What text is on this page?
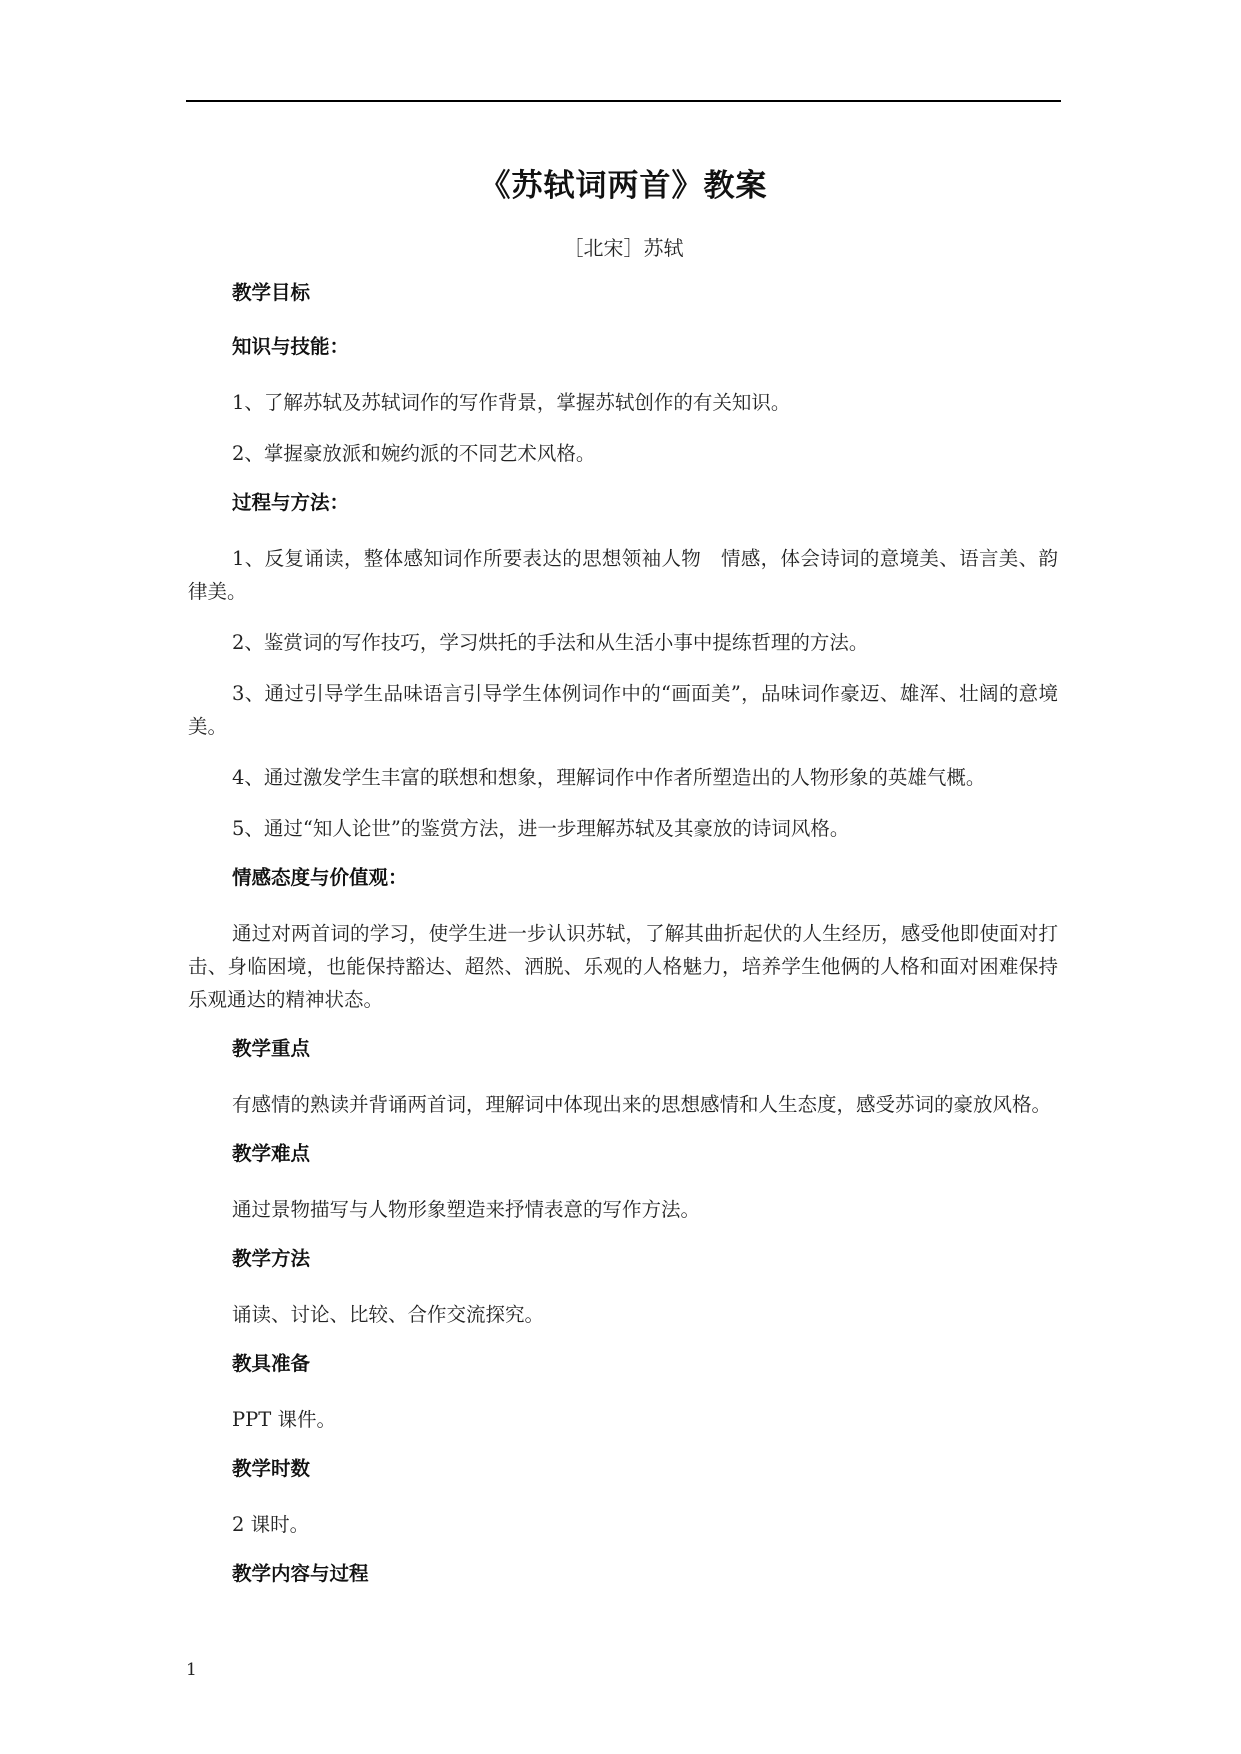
《苏轼词两首》教案
［北宋］苏轼
教学目标
知识与技能：
1、了解苏轼及苏轼词作的写作背景，掌握苏轼创作的有关知识。
2、掌握豪放派和婉约派的不同艺术风格。
过程与方法：
1、反复诵读，整体感知词作所要表达的思想领袖人物　情感，体会诗词的意境美、语言美、韵律美。
2、鉴赏词的写作技巧，学习烘托的手法和从生活小事中提练哲理的方法。
3、通过引导学生品味语言引导学生体例词作中的“画面美”，品味词作豪迈、雄浑、壮阔的意境美。
4、通过激发学生丰富的联想和想象，理解词作中作者所塑造出的人物形象的英雄气概。
5、通过“知人论世”的鉴赏方法，进一步理解苏轼及其豪放的诗词风格。
情感态度与价值观：
通过对两首词的学习，使学生进一步认识苏轼，了解其曲折起伏的人生经历，感受他即使面对打击、身临困境，也能保持豁达、超然、洒脱、乐观的人格魅力，培养学生他俩的人格和面对困难保持乐观通达的精神状态。
教学重点
有感情的熟读并背诵两首词，理解词中体现出来的思想感情和人生态度，感受苏词的豪放风格。
教学难点
通过景物描写与人物形象塑造来抒情表意的写作方法。
教学方法
诵读、讨论、比较、合作交流探究。
教具准备
PPT 课件。
教学时数
2 课时。
教学内容与过程
1
